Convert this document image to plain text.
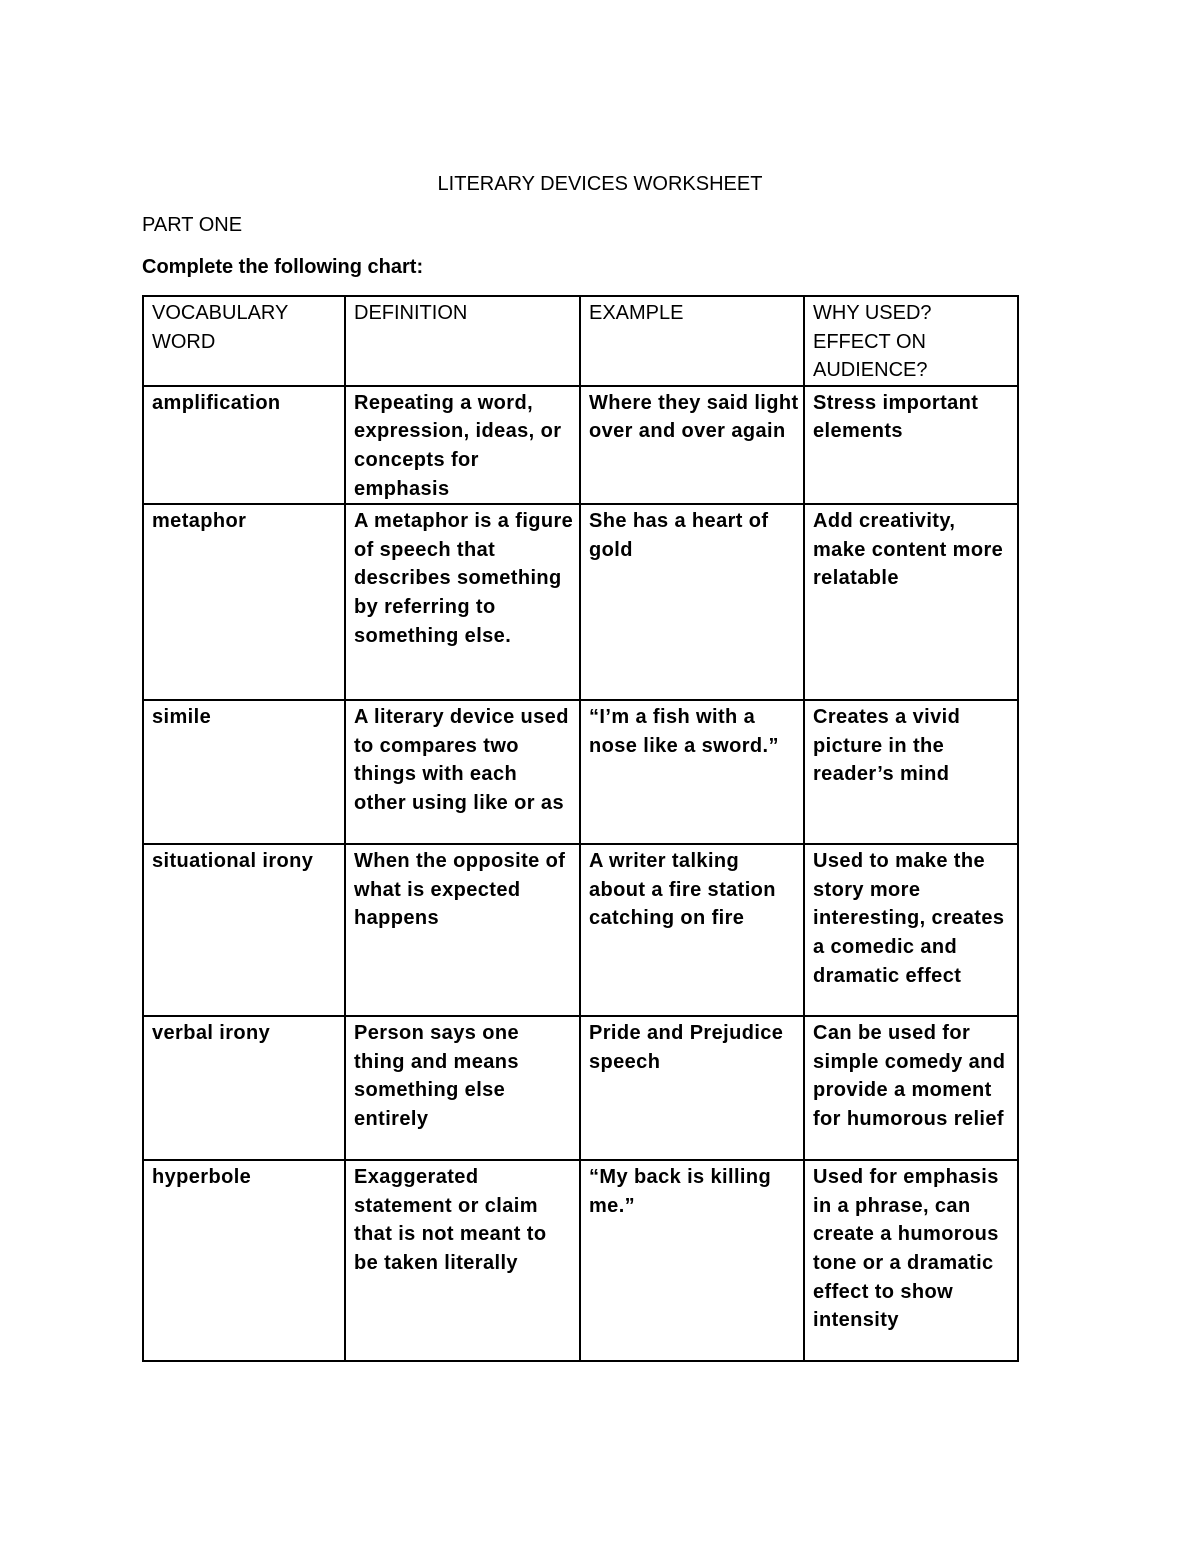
LITERARY DEVICES WORKSHEET
PART ONE
Complete the following chart:
VOCABULARY WORD	DEFINITION	EXAMPLE	WHY USED? EFFECT ON AUDIENCE?
amplification	Repeating a word, expression, ideas, or concepts for emphasis	Where they said light over and over again	Stress important elements
metaphor	A metaphor is a figure of speech that describes something by referring to something else.	She has a heart of gold	Add creativity, make content more relatable
simile	A literary device used to compares two things with each other using like or as	“I’m a fish with a nose like a sword.”	Creates a vivid picture in the reader’s mind
situational irony	When the opposite of what is expected happens	A writer talking about a fire station catching on fire	Used to make the story more interesting, creates a comedic and dramatic effect
verbal irony	Person says one thing and means something else entirely	Pride and Prejudice speech	Can be used for simple comedy and provide a moment for humorous relief
hyperbole	Exaggerated statement or claim that is not meant to be taken literally	“My back is killing me.”	Used for emphasis in a phrase, can create a humorous tone or a dramatic effect to show intensity
